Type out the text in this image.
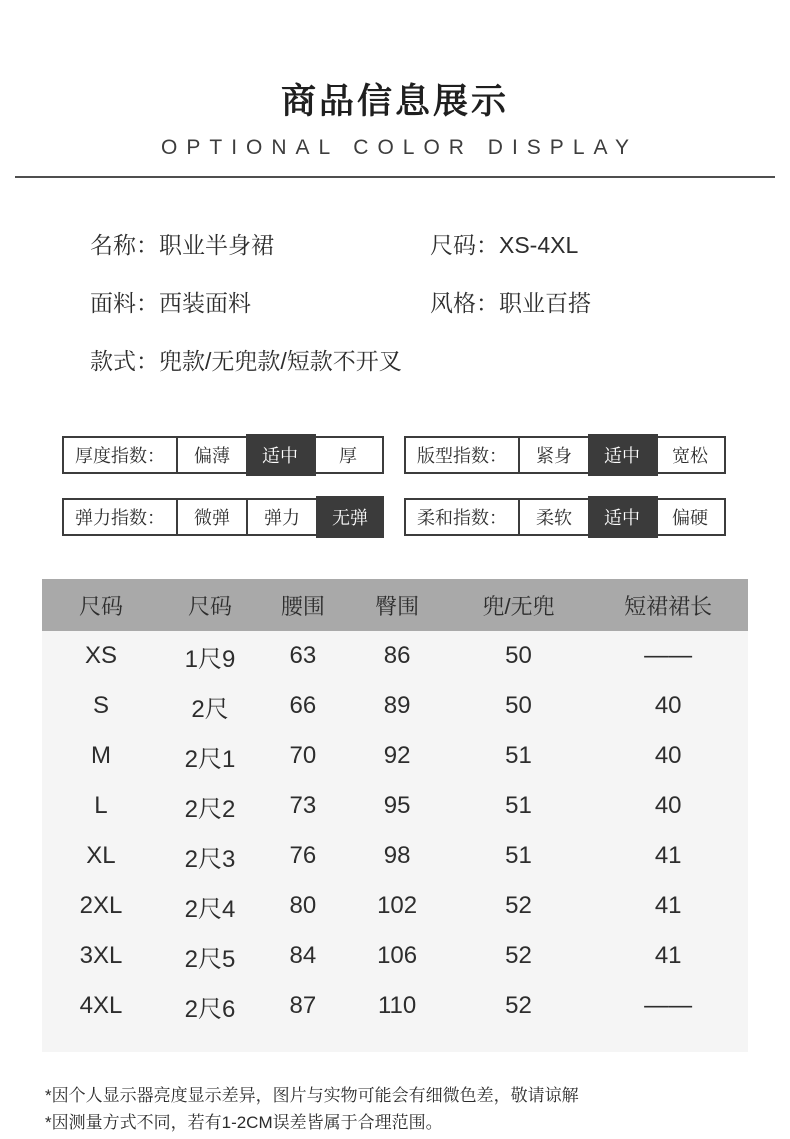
商品信息展示
OPTIONAL COLOR DISPLAY
名称：职业半身裙	尺码：XS-4XL
面料：西装面料	风格：职业百搭
款式：兜款/无兜款/短款不开叉
厚度指数：	偏薄	适中	厚	版型指数：	紧身	适中	宽松
弹力指数：	微弹	弹力	无弹	柔和指数：	柔软	适中	偏硬
尺码	尺码	腰围	臀围	兜/无兜	短裙裙长
XS	1尺9	63	86	50	——
S	2尺	66	89	50	40
M	2尺1	70	92	51	40
L	2尺2	73	95	51	40
XL	2尺3	76	98	51	41
2XL	2尺4	80	102	52	41
3XL	2尺5	84	106	52	41
4XL	2尺6	87	110	52	——
*因个人显示器亮度显示差异，图片与实物可能会有细微色差，敬请谅解
*因测量方式不同，若有1-2CM误差皆属于合理范围。
